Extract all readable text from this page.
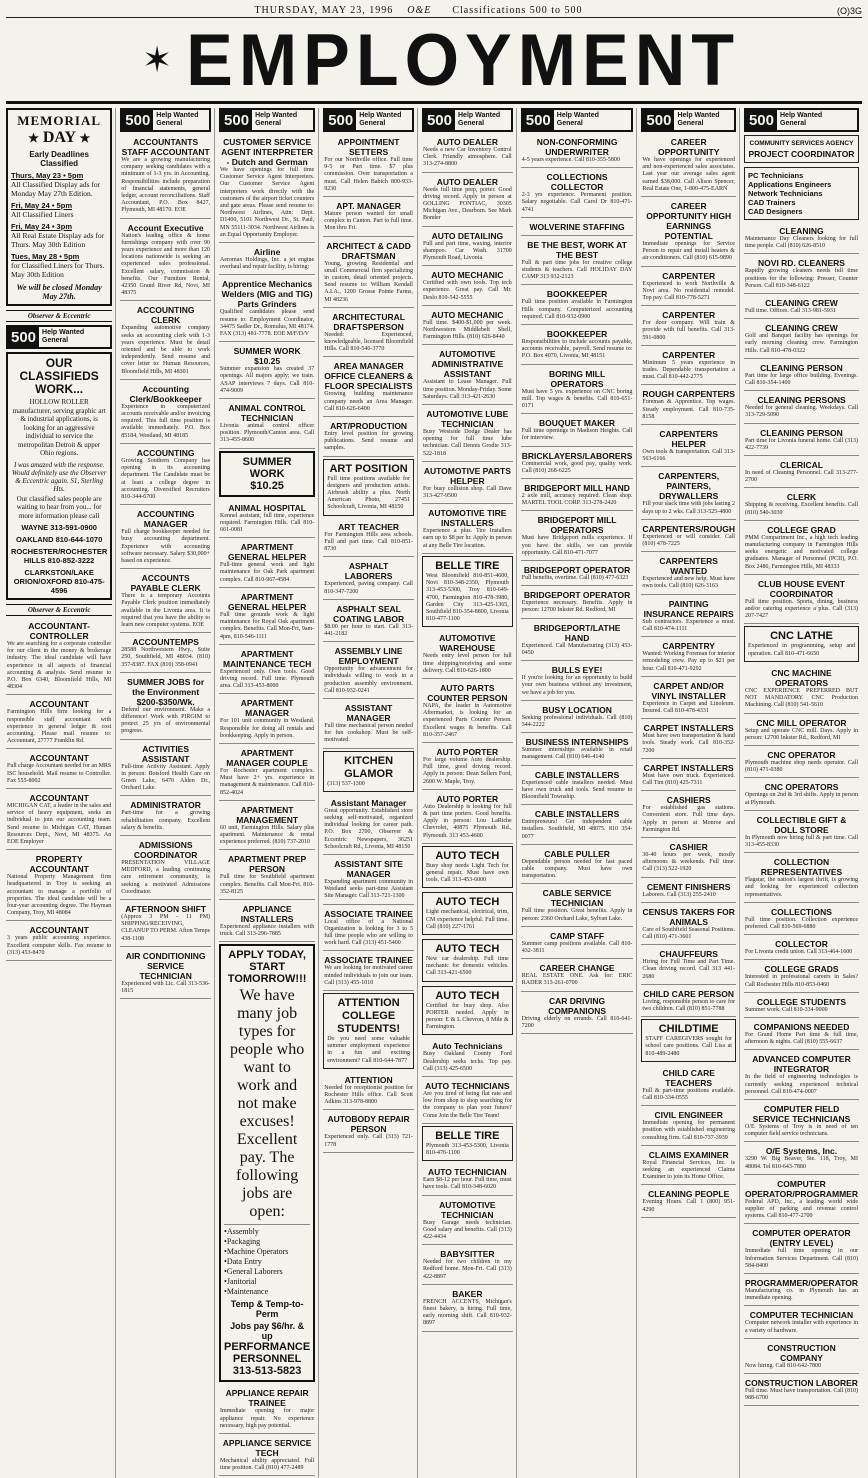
THURSDAY, MAY 23, 1996 O&E Classifications 500 to 500	(O)3G
✶ EMPLOYMENT
MEMORIAL
★ DAY ★
Early Deadlines Classified
Thurs, May 23 • 5pm
All Classified Display ads for Monday May 27th Edition.
Fri, May 24 • 5pm
All Classified Liners
Fri, May 24 • 3pm
All Real Estate Display ads for Thurs. May 30th Edition
Tues, May 28 • 5pm
for Classified Liners for Thurs. May 30th Edition
We will be closed Monday May 27th.
Observer & Eccentric
500 Help Wanted
General
OUR CLASSIFIEDS WORK...
HOLLOW ROLLER manufacturer, serving graphic art & industrial applications, is looking for an aggressive individual to service the metropolitan Detroit & upper Ohio regions.
I was amazed with the response. Would definitely use the Observer & Eccentric again. S1, Sterling Hts.
Our classified sales people are waiting to hear from you... for more information please call
WAYNE 313-591-0900
OAKLAND 810-644-1070
ROCHESTER/ROCHESTER HILLS 810-852-3222
CLARKSTON/LAKE ORION/OXFORD 810-475-4596
Observer & Eccentric
ACCOUNTANT-CONTROLLER
We are searching for a corporate controller for our client in the money & brokerage industry. The ideal candidate will have experience in all aspects of financial accounting & analysis. Send resume to P.O. Box 6340, Bloomfield Hills, MI 48304
ACCOUNTANT
Farmington Hills firm looking for a responsible staff accountant with experience in general ledger & cost accounting. Please mail resume to: Accountant, 27777 Franklin Rd.
ACCOUNTANT
Full charge Accountant needed for an MRS ISC household. Mail resume to Controller. Fax 555-8002
ACCOUNTANT
MICHIGAN CAT, a leader in the sales and service of heavy equipment, seeks an individual to join our accounting team. Send resume to Michigan CAT, Human Resources Dept., Novi, MI 48375. An EOE Employer
PROPERTY ACCOUNTANT
National Property Management firm headquartered in Troy is seeking an accountant to manage a portfolio of properties. The ideal candidate will be a four-year accounting degree. The Hayman Company, Troy, MI 48084
ACCOUNTANT
3 years public accounting experience. Excellent computer skills. Fax resume to (313) 453-8470
500 Help Wanted
General
ACCOUNTANTS STAFF ACCOUNTANT
We are a growing manufacturing company seeking candidates with a minimum of 1-3 yrs. in Accounting. Responsibilities include preparation of financial statements, general ledger, account reconciliations. Staff Accountant, P.O. Box 8427, Plymouth, MI 48170. EOE
Account Executive
Nation's leading office & home furnishings company with over 90 years experience and more than 120 locations nationwide is seeking an experienced sales professional. Excellent salary, commission & benefits. Our Furniture Rental, 42350 Grand River Rd, Novi, MI 48375
ACCOUNTING CLERK
Expanding automotive company seeks an accounting clerk with 1-3 years experience. Must be detail oriented and be able to work independently. Send resume and cover letter to: Human Resources, Bloomfield Hills, MI 48301
Accounting Clerk/Bookkeeper
Experience in computerized accounts receivable and/or invoicing required. This full time position is available immediately. P.O. Box 85184, Westland, MI 48185
ACCOUNTING
Growing Southern Company has opening in its accounting department. The Candidate must be at least a college degree in accounting. Diversified Recruiters 810-344-6700
ACCOUNTING MANAGER
Full charge bookkeeper needed for busy accounting department. Experience with accounting software necessary. Salary $30,000+ based on experience.
ACCOUNTS PAYABLE CLERK
There is a temporary Accounts Payable Clerk position immediately available in the Livonia area. It is required that you have the ability to learn new computer systems. EOE
ACCOUNTEMPS
28588 Northwestern Hwy., Suite 250, Southfield, MI 48034. (810) 357-8387. FAX (810) 358-0941
SUMMER JOBS for the Environment $200-$350/Wk.
Defend our environment. Make a difference! Work with PIRGIM to protect 25 yrs of environmental progress.
ACTIVITIES ASSISTANT
Full-time Activity Assistant. Apply in person: Botsford Health Care on Green Lake, 6470 Alden Dr., Orchard Lake.
ADMINISTRATOR
Part-time for a growing rehabilitation company. Excellent salary & benefits.
ADMISSIONS COORDINATOR
PRESENTATION VILLAGE MEDFORD, a leading continuing care retirement community, is seeking a motivated Admissions Coordinator.
AFTERNOON SHIFT
(Approx 3 PM - 11 PM) SHIPPING/RECEIVING, CLEANUP TO PERM. Afton Temps 438-1108
AIR CONDITIONING SERVICE TECHNICIAN
Experienced with Lic. Call 313-536-1815
500 Help Wanted
General
CUSTOMER SERVICE AGENT INTERPRETER - Dutch and German
We have openings for full time Customer Service Agent Interpreters. Our Customer Service Agent interpreters work directly with the customers of the airport ticket counters and gate areas. Please send resume to: Northwest Airlines, Attn: Dept. D1400, 5101 Northwest Dr., St. Paul, MN 55111-3034. Northwest Airlines is an Equal Opportunity Employer.
Airline
Aeromax Holdings, Inc. a jet engine overhaul and repair facility, is hiring:
Apprentice Mechanics Welders (MIG and TIG) Parts Grinders
Qualified candidates please send resume to: Employment Coordinator, 34475 Sadler Dr., Romulus, MI 48174. FAX (313) 481-7778. EOE M/F/D/V
SUMMER WORK $10.25
Summer expansion has created 37 openings. All majors apply; we train. ASAP interviews 7 days. Call 810-474-9009
ANIMAL CONTROL TECHNICIAN
Livonia animal control officer position. Plymouth/Canton area. Call 313-455-8600
SUMMER WORK
$10.25
ANIMAL HOSPITAL
Kennel assistant, full time, experience required. Farmington Hills. Call 810-661-0081
APARTMENT GENERAL HELPER
Full-time general work and light maintenance for Oak Park apartment complex. Call 810-967-4584
APARTMENT GENERAL HELPER
Full time grounds work & light maintenance for Royal Oak apartment complex. Benefits. Call Mon-Fri, 9am-4pm, 810-546-1111
APARTMENT MAINTENANCE TECH
Experienced only. Own tools. Good driving record. Full time. Plymouth area. Call 313-453-8000
APARTMENT MANAGER
For 101 unit community in Westland. Responsible for doing all rentals and bookkeeping. Apply in person.
APARTMENT MANAGER COUPLE
For Rochester apartment complex. Must have 2+ yrs. experience in management & maintenance. Call 810-852-4024
APARTMENT MANAGEMENT
60 unit, Farmington Hills. Salary plus apartment. Maintenance & rental experience preferred. (810) 737-2010
APARTMENT PREP PERSON
Full time for Southfield apartment complex. Benefits. Call Mon-Fri. 810-352-8125
APPLIANCE INSTALLERS
Experienced appliance installers with truck. Call 313-296-7885
APPLY TODAY, START TOMORROW!!!
We have many job types for people who want to work and not make excuses! Excellent pay. The following jobs are open:
• Assembly
• Packaging
• Machine Operators
• Data Entry
• General Laborers
• Janitorial
• Maintenance
Temp & Temp-to-Perm
Jobs pay $6/hr. & up
PERFORMANCE PERSONNEL
313-513-5823
APPLIANCE REPAIR TRAINEE
Immediate opening for major appliance repair. No experience necessary, high pay potential.
APPLIANCE SERVICE TECH
Mechanical ability appreciated. Full time position. Call (810) 477-2489
500 Help Wanted
General
APPOINTMENT SETTERS
For our Northville office. Full time 9-5 or Part time. $7 plus commission. Over transportation a must. Call Helen Babich 800-933-9230
APT. MANAGER
Mature person wanted for small complex in Canton. Part to full time. Mon thru Fri.
ARCHITECT & CADD DRAFTSMAN
Young, growing Residential and small Commercial firm specializing in custom, detail oriented projects. Send resume to: William Kendall A.I.A., 1200 Grosse Pointe Farms, MI 48236
ARCHITECTURAL DRAFTSPERSON
Needed: Experienced, knowledgeable, licensed Bloomfield Hills. Call 810-540-3770
AREA MANAGER OFFICE CLEANERS & FLOOR SPECIALISTS
Growing building maintenance company needs an Area Manager. Call 810-626-6400
ART/PRODUCTION
Entry level position for growing publications. Send resume and samples.
ART POSITION
Full time positions available for designers and production artists. Airbrush ability a plus. North American Photo, 27451 Schoolcraft, Livonia, MI 48150
ART TEACHER
For Farmington Hills area schools. Full and part time. Call 810-851-8730
ASPHALT LABORERS
Experienced, paving company. Call 810-347-7200
ASPHALT SEAL COATING LABOR
$8.00 per hour to start. Call 313-441-2182
ASSEMBLY LINE EMPLOYMENT
Opportunity for advancement for individuals willing to work in a production assembly environment. Call 810-932-0241
ASSISTANT MANAGER
Full time mechanical person needed for fun cookshop. Must be self-motivated.
KITCHEN GLAMOR
(313) 537-1300
Assistant Manager
Great opportunity. Established store seeking self-motivated, organized individual looking for career path. P.O. Box 2700, Observer & Eccentric Newspapers, 36251 Schoolcraft Rd., Livonia, MI 48150
ASSISTANT SITE MANAGER
Expanding apartment community in Westland seeks part-time Assistant Site Manager. Call 313-721-1300
ASSOCIATE TRAINEE
Local office of a National Organization is looking for 3 to 5 full time people who are willing to work hard. Call (313) 451-5400
ASSOCIATE TRAINEE
We are looking for motivated career minded individuals to join our team. Call (313) 455-1010
ATTENTION COLLEGE STUDENTS!
Do you need some valuable summer employment experience in a fun and exciting environment? Call 810-644-7877
ATTENTION
Needed for receptionist position for Rochester Hills office. Call Scott Adkins 313-978-8800
AUTOBODY REPAIR PERSON
Experienced only. Call (313) 721-1778
500 Help Wanted
General
AUTO DEALER
Needs a new Car Inventory Control Clerk. Friendly atmosphere. Call 313-274-8800
AUTO DEALER
Needs full time prep, porter. Good driving record. Apply in person at GOLLING PONTIAC, 30305 Michigan Ave., Dearborn. See Mark Bonder
AUTO DETAILING
Full and part time, waxing, interior shampoo. Car Wash. 31700 Plymouth Road, Livonia.
AUTO MECHANIC
Certified with own tools. Top tech experience. Great pay. Call Mr. Deslo 810-542-5555
AUTO MECHANIC
Full time. $400-$1,000 per week. Northwestern Middlebelt Shell, Farmington Hills. (810) 626-8440
AUTOMOTIVE ADMINISTRATIVE ASSISTANT
Assistant to Lease Manager. Full time position. Monday-Friday. Some Saturdays. Call 313-421-2630
AUTOMOTIVE LUBE TECHNICIAN
Busy Westside Dodge Dealer has opening for full time lube technician. Call Dennis Grodie 313-522-1818
AUTOMOTIVE PARTS HELPER
For busy collision shop. Call Dave 313-427-9500
AUTOMOTIVE TIRE INSTALLERS
Experience a plus. Tire Installers earn up to $8 per hr. Apply in person at any Belle Tire location.
BELLE TIRE
West Bloomfield 810-851-4600, Novi 810-348-2350, Plymouth 313-453-5300, Troy 810-649-4700, Farmington 810-478-3980, Garden City 313-425-1365, Southfield 810-354-8800, Livonia 810-477-1100
AUTOMOTIVE WAREHOUSE
Needs entry level person for full time shipping/receiving and some delivery. Call 810-626-1800
AUTO PARTS COUNTER PERSON
NAPA, the leader in Automotive Aftermarket, is looking for an experienced Parts Counter Person. Excellent wages & benefits. Call 810-357-2467
AUTO PORTER
For large volume Auto dealership. Full time, good driving record. Apply in person: Dean Sellers Ford, 2600 W. Maple, Troy.
AUTO PORTER
Auto Dealership is looking for full & part time porters. Good benefits. Apply in person: Lou LaRiche Chevrolet, 40875 Plymouth Rd., Plymouth. 313 453-4600
AUTO TECH
Busy shop needs Light Tech for general repair. Must have own tools. Call 313-453-6000
AUTO TECH
Light mechanical, electrical, trim, CM experience helpful. Full time. Call (810) 227-1761
AUTO TECH
New car dealership. Full time mechanic for domestic vehicles. Call 313-421-6500
AUTO TECH
Certified for busy shop. Also PORTER needed. Apply in person: E & L Chevron, 8 Mile & Farmington.
Auto Technicians
Busy Oakland County Ford Dealership seeks techs. Top pay. Call (313) 425-6500
AUTO TECHNICIANS
Are you tired of being flat rate and low from shop to shop searching for the company to plan your future? Come Join the Belle Tire Team!
BELLE TIRE
Plymouth 313-453-5300, Livonia 810-476-1100
AUTO TECHNICIAN
Earn $8-12 per hour. Full time, must have tools. Call 810-348-6020
AUTOMOTIVE TECHNICIAN
Busy Garage needs technician. Good salary and benefits. Call (313) 422-4434
BABYSITTER
Needed for two children in my Redford home. Mon-Fri. Call (313) 422-8897
BAKER
FRENCH ACCENTS, Michigan's finest bakery, is hiring. Full time, early morning shift. Call 810-932-8897
500 Help Wanted
General
NON-CONFORMING UNDERWRITER
4-5 years experience. Call 810-355-5800
COLLECTIONS COLLECTOR
2-3 yrs experience. Permanent position. Salary negotiable. Call Carol Dr 810-471-4741
WOLVERINE STAFFING
BE THE BEST, WORK AT THE BEST
Full & part time jobs for creative college students & teachers. Call HOLIDAY DAY CAMP 313 932-2123
BOOKKEEPER
Full time position available in Farmington Hills company. Computerized accounting required. Call 810-932-0900
BOOKKEEPER
Responsibilities to include accounts payable, accounts receivable, payroll. Send resume to: P.O. Box 4070, Livonia, MI 48151
BORING MILL OPERATORS
Must have 5 yrs. experience on CNC boring mill. Top wages & benefits. Call 810-651-0171
BOUQUET MAKER
Full time openings in Madison Heights. Call for interview.
BRICKLAYERS/LABORERS
Commercial work, good pay, quality work. Call (810) 268-6225
BRIDGEPORT MILL HAND
2 axle mill, accuracy required. Clean shop. MARTEL TOOL CORP. 313-278-2420
BRIDGEPORT MILL OPERATORS
Must have Bridgeport mills experience. If you have the skills, we can provide opportunity. Call 810-471-7077
BRIDGEPORT OPERATOR
Full benefits, overtime. Call (810) 477-6323
BRIDGEPORT OPERATOR
Experience necessary. Benefits. Apply in person: 12700 Inkster Rd. Redford, MI
BRIDGEPORT/LATHE HAND
Experienced. Call Manufacturing (313) 453-0450
BULLS EYE!
If you're looking for an opportunity to build your own business without any investment, we have a job for you.
BUSY LOCATION
Seeking professional individuals. Call (810) 344-2222
BUSINESS INTERNSHIPS
Summer internships available in retail management. Call (810) 646-4140
CABLE INSTALLERS
Experienced cable installers needed. Must have own truck and tools. Send resume to Bloomfield Township.
CABLE INSTALLERS
Entrepreneurs! Get independent cable installers. Southfield, MI 48075. 810 354-0077
CABLE PULLER
Dependable person needed for fast paced cable company. Must have own transportation.
CABLE SERVICE TECHNICIAN
Full time position. Great benefits. Apply in person: 2360 Orchard Lake, Sylvan Lake.
CAMP STAFF
Summer camp positions available. Call 810-432-3811
CAREER CHANGE
REAL ESTATE ONE. Ask for: ERIC RADER 313-261-0700
CAR DRIVING COMPANIONS
Driving elderly on errands. Call 810-641-7200
500 Help Wanted
General
CAREER OPPORTUNITY
We have openings for experienced and non-experienced sales associates. Last year our average sales agent earned $38,000. Call Alison Spencer, Real Estate One, 1-800-475-EARN
CAREER OPPORTUNITY HIGH EARNINGS POTENTIAL
Immediate openings for Service Person to repair and install heaters & air conditioners. Call (810) 615-9890
CARPENTER
Experienced to work Northville & Novi area. No residential remodel. Top pay. Call 810-778-5271
CARPENTER
For door company. Will train & provide with full benefits. Call 313-591-0800
CARPENTER
Minimum 5 years experience in trades. Dependable transportation a must. Call 810-442-2775
ROUGH CARPENTERS
Foreman & Apprentice. Top wages. Steady employment. Call 810-735-8158
CARPENTERS HELPER
Own tools & transportation. Call 313-563-6166
CARPENTERS, PAINTERS, DRYWALLERS
Fill your slack time with jobs lasting 2 days up to 2 wks. Call 313-525-4800
CARPENTERS/ROUGH
Experienced or will consider. Call (810) 478-7225
CARPENTERS WANTED
Experienced and new help. Must have own tools. Call (810) 626-3163
PAINTING INSURANCE REPAIRS
Sub contractors. Experience a must. Call 810-474-1111
CARPENTRY
Wanted: Working Foreman for interior remodeling crew. Pay up to $21 per hour. Call 810-471-9292
CARPET AND/OR VINYL INSTALLER
Experience in Carpet and Linoleum. Insured. Call 810-478-4331
CARPET INSTALLERS
Must have own transportation & hand tools. Steady work. Call 810-352-7200
CARPET INSTALLERS
Must have own truck. Experienced. Call Tim (810) 425-7311
CASHIERS
For established gas stations. Convenient store. Full time days. Apply in person at Monroe and Farmington Rd.
CASHIER
30-40 hours per week, mostly afternoons & weekends. Full time. Call (313) 522-1920
CEMENT FINISHERS
Laborers. Call (313) 255-2410
CENSUS TAKERS FOR ANIMALS
Care of Southfield Seasonal Positions. Call (810) 471-3601
CHAUFFEURS
Hiring for Full Time and Part Time. Clean driving record. Call 313 441-2680
CHILD CARE PERSON
Loving, responsible person to care for two children. Call (810) 851-7788
CHILDTIME
STAFF CAREGIVERS sought for school care positions. Call Lisa at 810-489-2480
CHILD CARE TEACHERS
Full & part-time positions available. Call 810-334-0555
CIVIL ENGINEER
Immediate opening for permanent position with established engineering consulting firm. Call 810-737-3939
CLAIMS EXAMINER
Royal Financial Services, Inc. is seeking an experienced Claims Examiner to join its Home Office.
CLEANING PEOPLE
Evening Hours. Call 1 (800) 951-4290
500 Help Wanted
General
COMMUNITY SERVICES AGENCY
PROJECT COORDINATOR
PC Technicians
Applications Engineers
Network Technicians
CAD Trainers
CAD Designers
CLEANING
Maintenance Day Cleaners looking for full time people. Call (810) 626-8510
NOVI RD. CLEANERS
Rapidly growing cleaners needs full time positions for the following: Presser, Counter Person. Call 810-348-6122
CLEANING CREW
Full time. Offices. Call 313-981-5931
CLEANING CREW
Golf and Banquet facility has openings for early morning cleaning crew. Farmington Hills. Call 810-478-0322
CLEANING PERSON
Part time for large office building. Evenings. Call 810-354-1400
CLEANING PERSONS
Needed for general cleaning. Weekdays. Call 313-729-5090
CLEANING PERSON
Part time for Livonia funeral home. Call (313) 422-7739
CLERICAL
In need of Cleaning Personnel. Call 313-277-2700
CLERK
Shipping & receiving. Excellent benefits. Call (810) 540-3030
COLLEGE GRAD
PMM Compartment Inc., a high tech leading manufacturing company in Farmington Hills seeks energetic and motivated college graduates. Manager of Personnel (PCII), P.O. Box 2480, Farmington Hills, MI 48333
CLUB HOUSE EVENT COORDINATOR
Full time position. Sports, dining, business and/or catering experience a plus. Call (313) 207-7427
CNC LATHE
Experienced in programming, setup and operation. Call 810-471-6650
CNC MACHINE OPERATORS
CNC EXPERIENCE PREFERRED BUT NOT MANDATORY. CNC Production Machining. Call (810) 541-5610
CNC MILL OPERATOR
Setup and operate CNC mill. Days. Apply in person: 12700 Inkster Rd., Redford, MI
CNC OPERATOR
Plymouth machine shop needs operator. Call (810) 471-0380
CNC OPERATORS
Openings on 2nd & 3rd shifts. Apply in person at Plymouth.
COLLECTIBLE GIFT & DOLL STORE
In Plymouth now hiring full & part time. Call 313-455-8330
COLLECTION REPRESENTATIVES
Flagstar, the nation's largest thrift, is growing and looking for experienced collection representatives.
COLLECTIONS
Full time position. Collection experience preferred. Call 810-569-6880
COLLECTOR
For Livonia credit union. Call 313-464-1600
COLLEGE GRADS
Interested in professional careers in Sales? Call Rochester Hills 810-853-0460
COLLEGE STUDENTS
Summer work. Call 810-334-9000
COMPANIONS NEEDED
For Grand Home Part time & full time, afternoon & nights. Call (810) 555-6637
ADVANCED COMPUTER INTEGRATOR
In the field of engineering technologies is currently seeking experienced technical personnel. Call 810-474-0007
COMPUTER FIELD SERVICE TECHNICIANS
O/E Systems of Troy is in need of ten computer field service technicians.
O/E Systems, Inc.
3290 W. Big Beaver, Ste. 118, Troy, MI 48084. Tel 810-643-7880
COMPUTER OPERATOR/PROGRAMMER
Federal APD, Inc., a leading world wide supplier of parking and revenue control systems. Call 810-477-2700
COMPUTER OPERATOR (ENTRY LEVEL)
Immediate full time opening in our Information Services Department. Call (810) 584-8400
PROGRAMMER/OPERATOR
Manufacturing co. in Plymouth has an immediate opening.
COMPUTER TECHNICIAN
Computer network installer with experience in a variety of hardware.
CONSTRUCTION COMPANY
Now hiring. Call 810-642-7800
CONSTRUCTION LABORER
Full time. Must have transportation. Call (810) 988-6700
